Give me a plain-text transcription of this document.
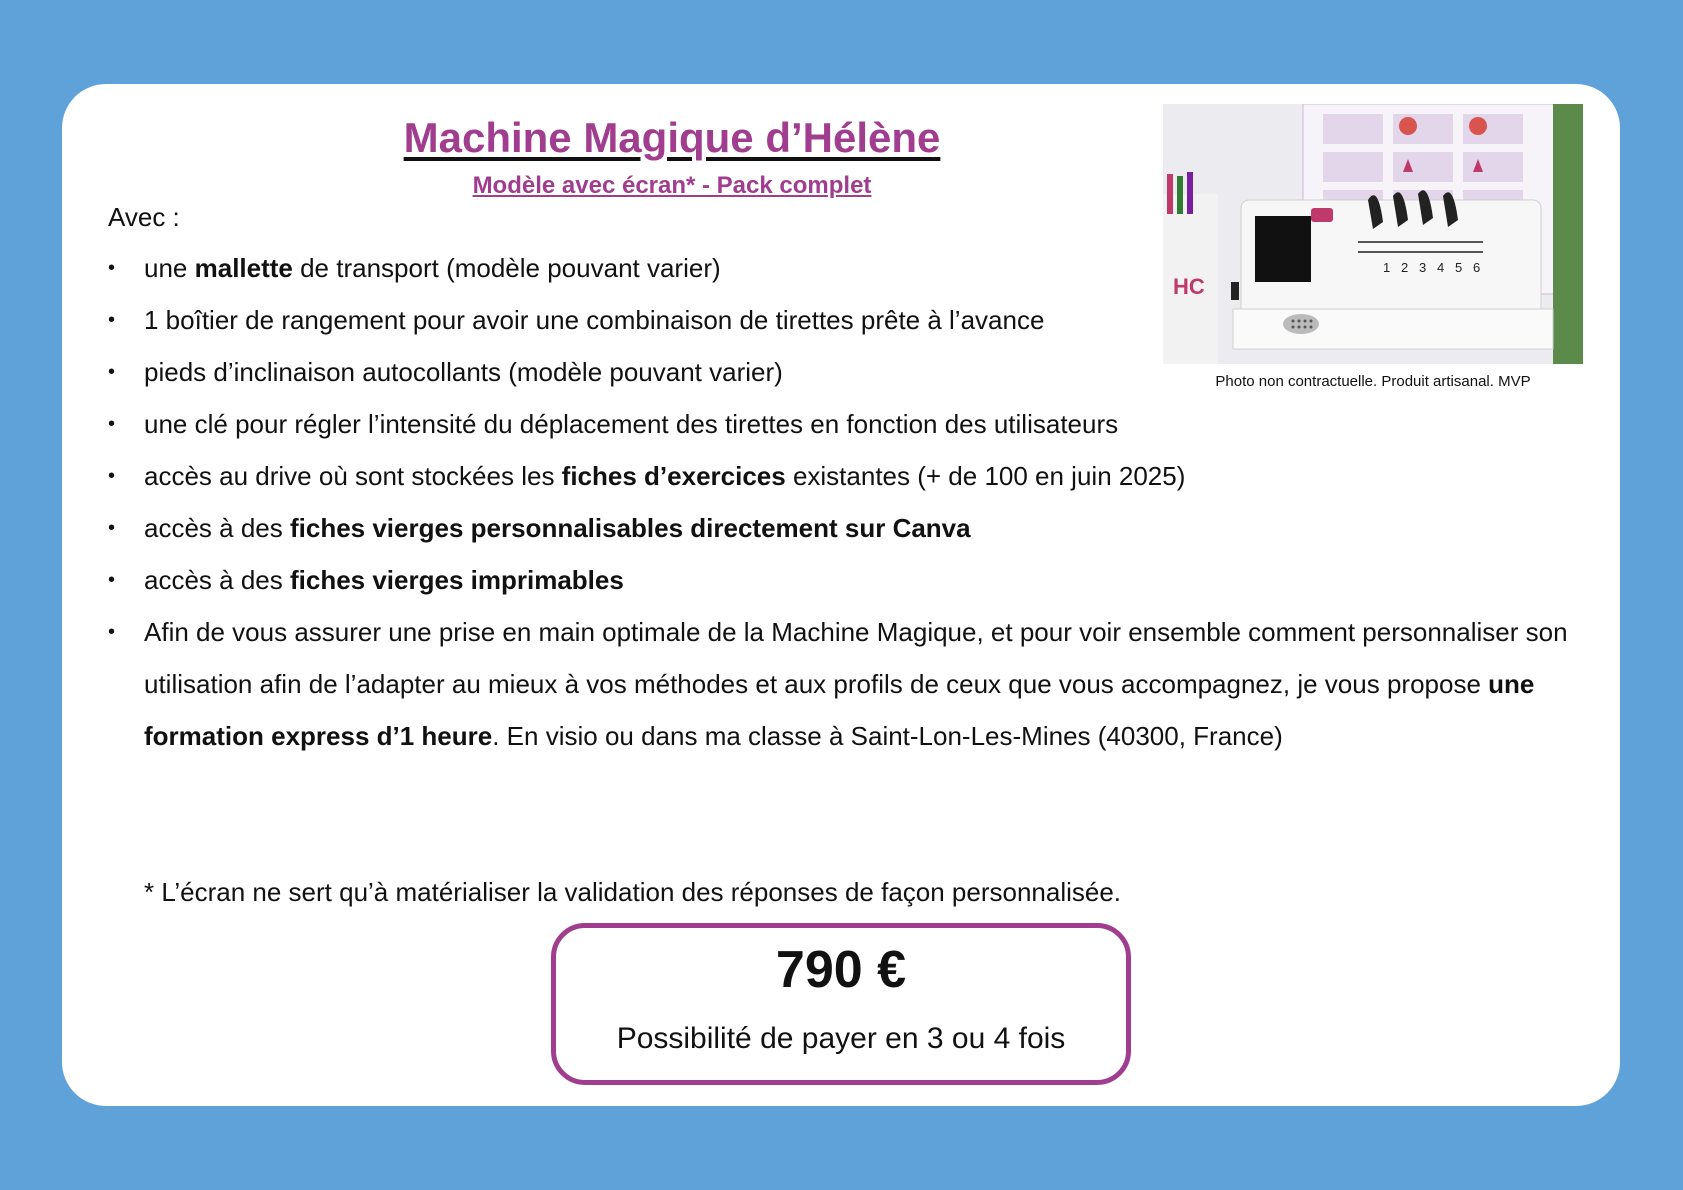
Machine Magique d’Hélène
Modèle avec écran* - Pack complet
Avec :
• une mallette de transport (modèle pouvant varier)
• 1 boîtier de rangement pour avoir une combinaison de tirettes prête à l’avance
• pieds d’inclinaison autocollants (modèle pouvant varier)
• une clé pour régler l’intensité du déplacement des tirettes en fonction des utilisateurs
• accès au drive où sont stockées les fiches d’exercices existantes (+ de 100 en juin 2025)
• accès à des fiches vierges personnalisables directement sur Canva
• accès à des fiches vierges imprimables
• Afin de vous assurer une prise en main optimale de la Machine Magique, et pour voir ensemble comment personnaliser son utilisation afin de l’adapter au mieux à vos méthodes et aux profils de ceux que vous accompagnez, je vous propose une formation express d’1 heure. En visio ou dans ma classe à Saint-Lon-Les-Mines (40300, France)
HC
1 2 3 4 5 6
Photo non contractuelle. Produit artisanal. MVP
* L’écran ne sert qu’à matérialiser la validation des réponses de façon personnalisée.
790 €
Possibilité de payer en 3 ou 4 fois
